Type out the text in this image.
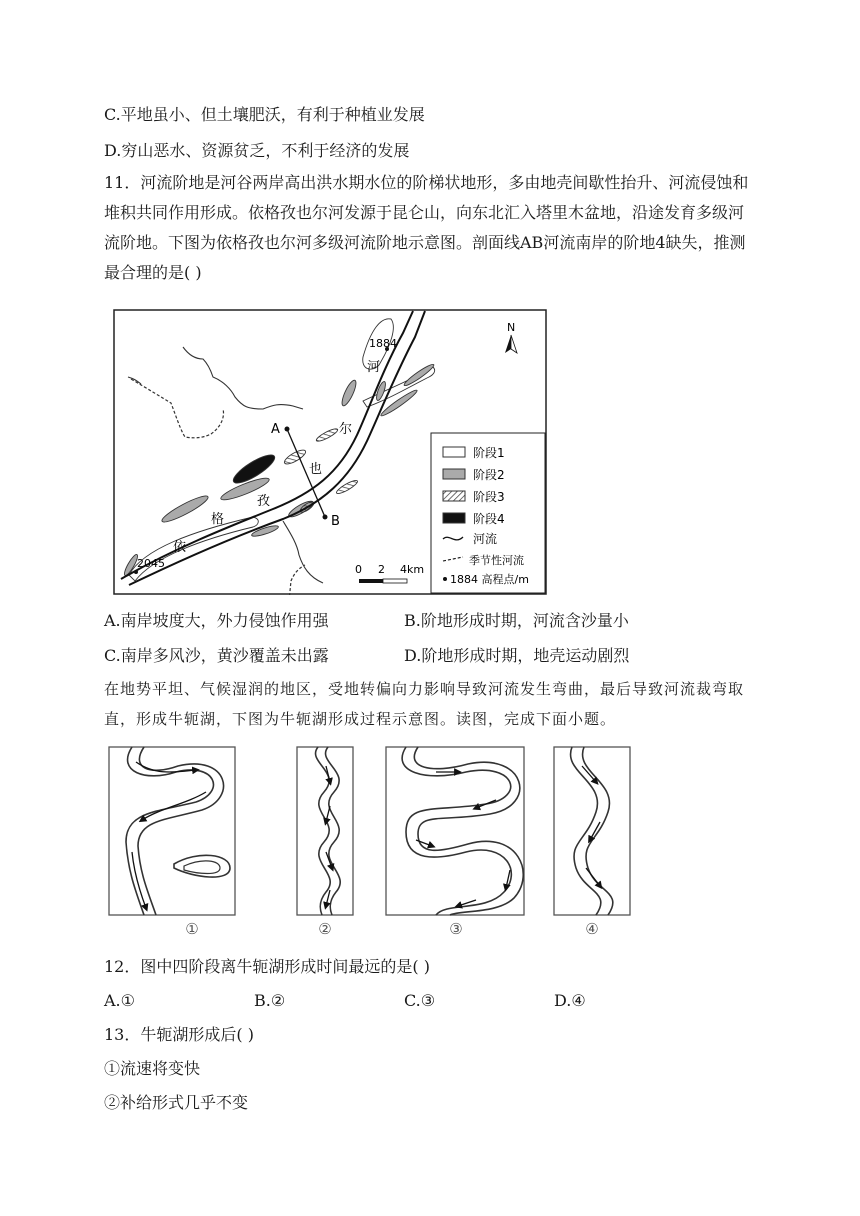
C.平地虽小、但土壤肥沃，有利于种植业发展
D.穷山恶水、资源贫乏，不利于经济的发展
11．河流阶地是河谷两岸高出洪水期水位的阶梯状地形，多由地壳间歇性抬升、河流侵蚀和堆积共同作用形成。依格孜也尔河发源于昆仑山，向东北汇入塔里木盆地，沿途发育多级河流阶地。下图为依格孜也尔河多级河流阶地示意图。剖面线AB河流南岸的阶地4缺失，推测最合理的是( )
A
B
1884
2045
依
格
孜
也
尔
河
N
0 2 4km
阶段1
阶段2
阶段3
阶段4
河流
季节性河流
1884 高程点/m
A.南岸坡度大，外力侵蚀作用强	B.阶地形成时期，河流含沙量小
C.南岸多风沙，黄沙覆盖未出露	D.阶地形成时期，地壳运动剧烈
在地势平坦、气候湿润的地区，受地转偏向力影响导致河流发生弯曲，最后导致河流裁弯取直，形成牛轭湖，下图为牛轭湖形成过程示意图。读图，完成下面小题。
①	②	③	④
12．图中四阶段离牛轭湖形成时间最远的是( )
A.①	B.②	C.③	D.④
13．牛轭湖形成后( )
①流速将变快
②补给形式几乎不变
